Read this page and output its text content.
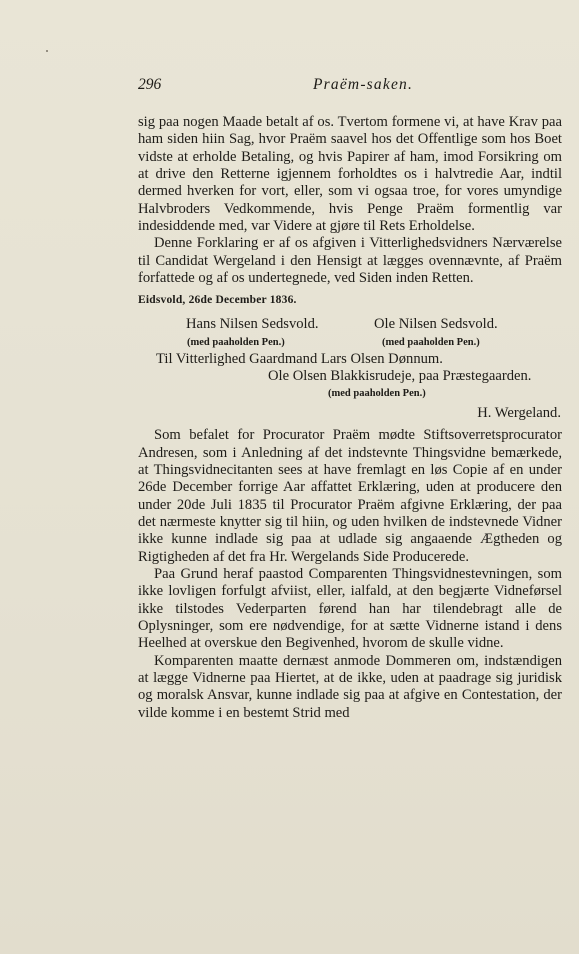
296	Praëm-saken.

sig paa nogen Maade betalt af os. Tvertom formene vi, at have Krav paa ham siden hiin Sag, hvor Praëm saavel hos det Offentlige som hos Boet vidste at erholde Betaling, og hvis Papirer af ham, imod Forsikring om at drive den Retterne igjennem forholdtes os i halvtredie Aar, indtil dermed hverken for vort, eller, som vi ogsaa troe, for vores umyndige Halvbroders Vedkommende, hvis Penge Praëm formentlig var indesiddende med, var Videre at gjøre til Rets Erholdelse.

Denne Forklaring er af os afgiven i Vitterlighedsvidners Nærværelse til Candidat Wergeland i den Hensigt at lægges ovennævnte, af Praëm forfattede og af os undertegnede, ved Siden inden Retten.

Eidsvold, 26de December 1836.
Hans Nilsen Sedsvold.	Ole Nilsen Sedsvold.
(med paaholden Pen.)	(med paaholden Pen.)
Til Vitterlighed Gaardmand Lars Olsen Dønnum.
Ole Olsen Blakkisrudeje, paa Præstegaarden.
(med paaholden Pen.)
H. Wergeland.

Som befalet for Procurator Praëm mødte Stiftsoverretsprocurator Andresen, som i Anledning af det indstevnte Thingsvidne bemærkede, at Thingsvidnecitanten sees at have fremlagt en løs Copie af en under 26de December forrige Aar affattet Erklæring, uden at producere den under 20de Juli 1835 til Procurator Praëm afgivne Erklæring, der paa det nærmeste knytter sig til hiin, og uden hvilken de indstevnede Vidner ikke kunne indlade sig paa at udlade sig angaaende Ægtheden og Rigtigheden af det fra Hr. Wergelands Side Producerede.

Paa Grund heraf paastod Comparenten Thingsvidnestevningen, som ikke lovligen forfulgt afviist, eller, ialfald, at den begjærte Vidneførsel ikke tilstodes Vederparten førend han har tilendebragt alle de Oplysninger, som ere nødvendige, for at sætte Vidnerne istand i dens Heelhed at overskue den Begivenhed, hvorom de skulle vidne.

Komparenten maatte dernæst anmode Dommeren om, indstændigen at lægge Vidnerne paa Hiertet, at de ikke, uden at paadrage sig juridisk og moralsk Ansvar, kunne indlade sig paa at afgive en Contestation, der vilde komme i en bestemt Strid med
